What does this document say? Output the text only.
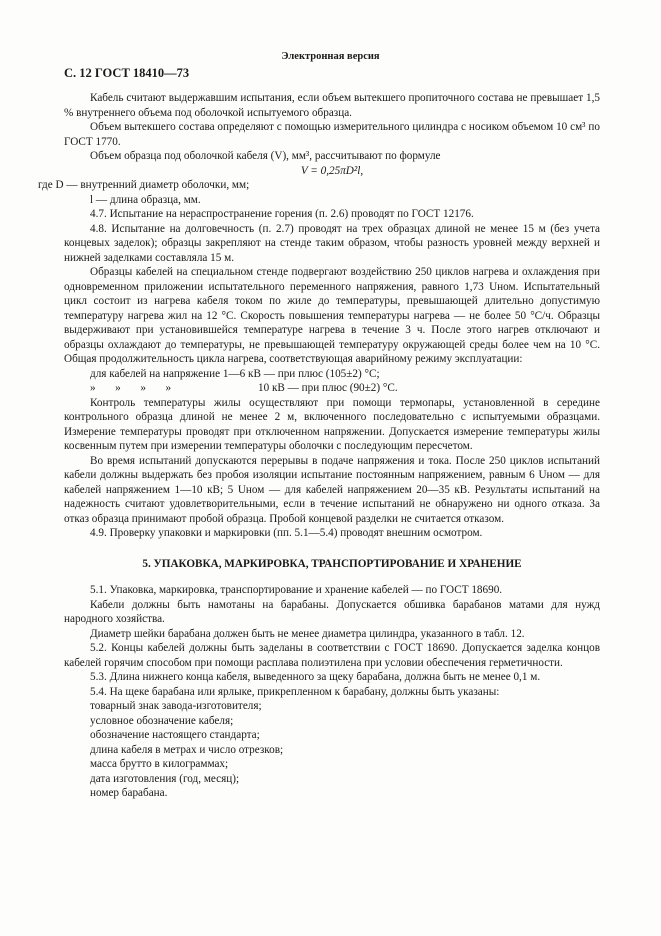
Электронная версия
С. 12 ГОСТ 18410—73

Кабель считают выдержавшим испытания, если объем вытекшего пропиточного состава не превышает 1,5 % внутреннего объема под оболочкой испытуемого образца.

Объем вытекшего состава определяют с помощью измерительного цилиндра с носиком объемом 10 см³ по ГОСТ 1770.

Объем образца под оболочкой кабеля (V), мм³, рассчитывают по формуле

V = 0,25πD²l,

где D — внутренний диаметр оболочки, мм;

l — длина образца, мм.

4.7. Испытание на нераспространение горения (п. 2.6) проводят по ГОСТ 12176.

4.8. Испытание на долговечность (п. 2.7) проводят на трех образцах длиной не менее 15 м (без учета концевых заделок); образцы закрепляют на стенде таким образом, чтобы разность уровней между верхней и нижней заделками составляла 15 м.

Образцы кабелей на специальном стенде подвергают воздействию 250 циклов нагрева и охлаждения при одновременном приложении испытательного переменного напряжения, равного 1,73 Uном. Испытательный цикл состоит из нагрева кабеля током по жиле до температуры, превышающей длительно допустимую температуру нагрева жил на 12 °С. Скорость повышения температуры нагрева — не более 50 °С/ч. Образцы выдерживают при установившейся температуре нагрева в течение 3 ч. После этого нагрев отключают и образцы охлаждают до температуры, не превышающей температуру окружающей среды более чем на 10 °С. Общая продолжительность цикла нагрева, соответствующая аварийному режиму эксплуатации:

для кабелей на напряжение 1—6 кВ — при плюс (105±2) °С;

»       »       »       »	10 кВ — при плюс (90±2) °С.

Контроль температуры жилы осуществляют при помощи термопары, установленной в середине контрольного образца длиной не менее 2 м, включенного последовательно с испытуемыми образцами. Измерение температуры проводят при отключенном напряжении. Допускается измерение температуры жилы косвенным путем при измерении температуры оболочки с последующим пересчетом.

Во время испытаний допускаются перерывы в подаче напряжения и тока. После 250 циклов испытаний кабели должны выдержать без пробоя изоляции испытание постоянным напряжением, равным 6 Uном — для кабелей напряжением 1—10 кВ; 5 Uном — для кабелей напряжением 20—35 кВ. Результаты испытаний на надежность считают удовлетворительными, если в течение испытаний не обнаружено ни одного отказа. За отказ образца принимают пробой образца. Пробой концевой разделки не считается отказом.

4.9. Проверку упаковки и маркировки (пп. 5.1—5.4) проводят внешним осмотром.

5. УПАКОВКА, МАРКИРОВКА, ТРАНСПОРТИРОВАНИЕ И ХРАНЕНИЕ

5.1. Упаковка, маркировка, транспортирование и хранение кабелей — по ГОСТ 18690.

Кабели должны быть намотаны на барабаны. Допускается обшивка барабанов матами для нужд народного хозяйства.

Диаметр шейки барабана должен быть не менее диаметра цилиндра, указанного в табл. 12.

5.2. Концы кабелей должны быть заделаны в соответствии с ГОСТ 18690. Допускается заделка концов кабелей горячим способом при помощи расплава полиэтилена при условии обеспечения герметичности.

5.3. Длина нижнего конца кабеля, выведенного за щеку барабана, должна быть не менее 0,1 м.

5.4. На щеке барабана или ярлыке, прикрепленном к барабану, должны быть указаны:

товарный знак завода-изготовителя;

условное обозначение кабеля;

обозначение настоящего стандарта;

длина кабеля в метрах и число отрезков;

масса брутто в килограммах;

дата изготовления (год, месяц);

номер барабана.
